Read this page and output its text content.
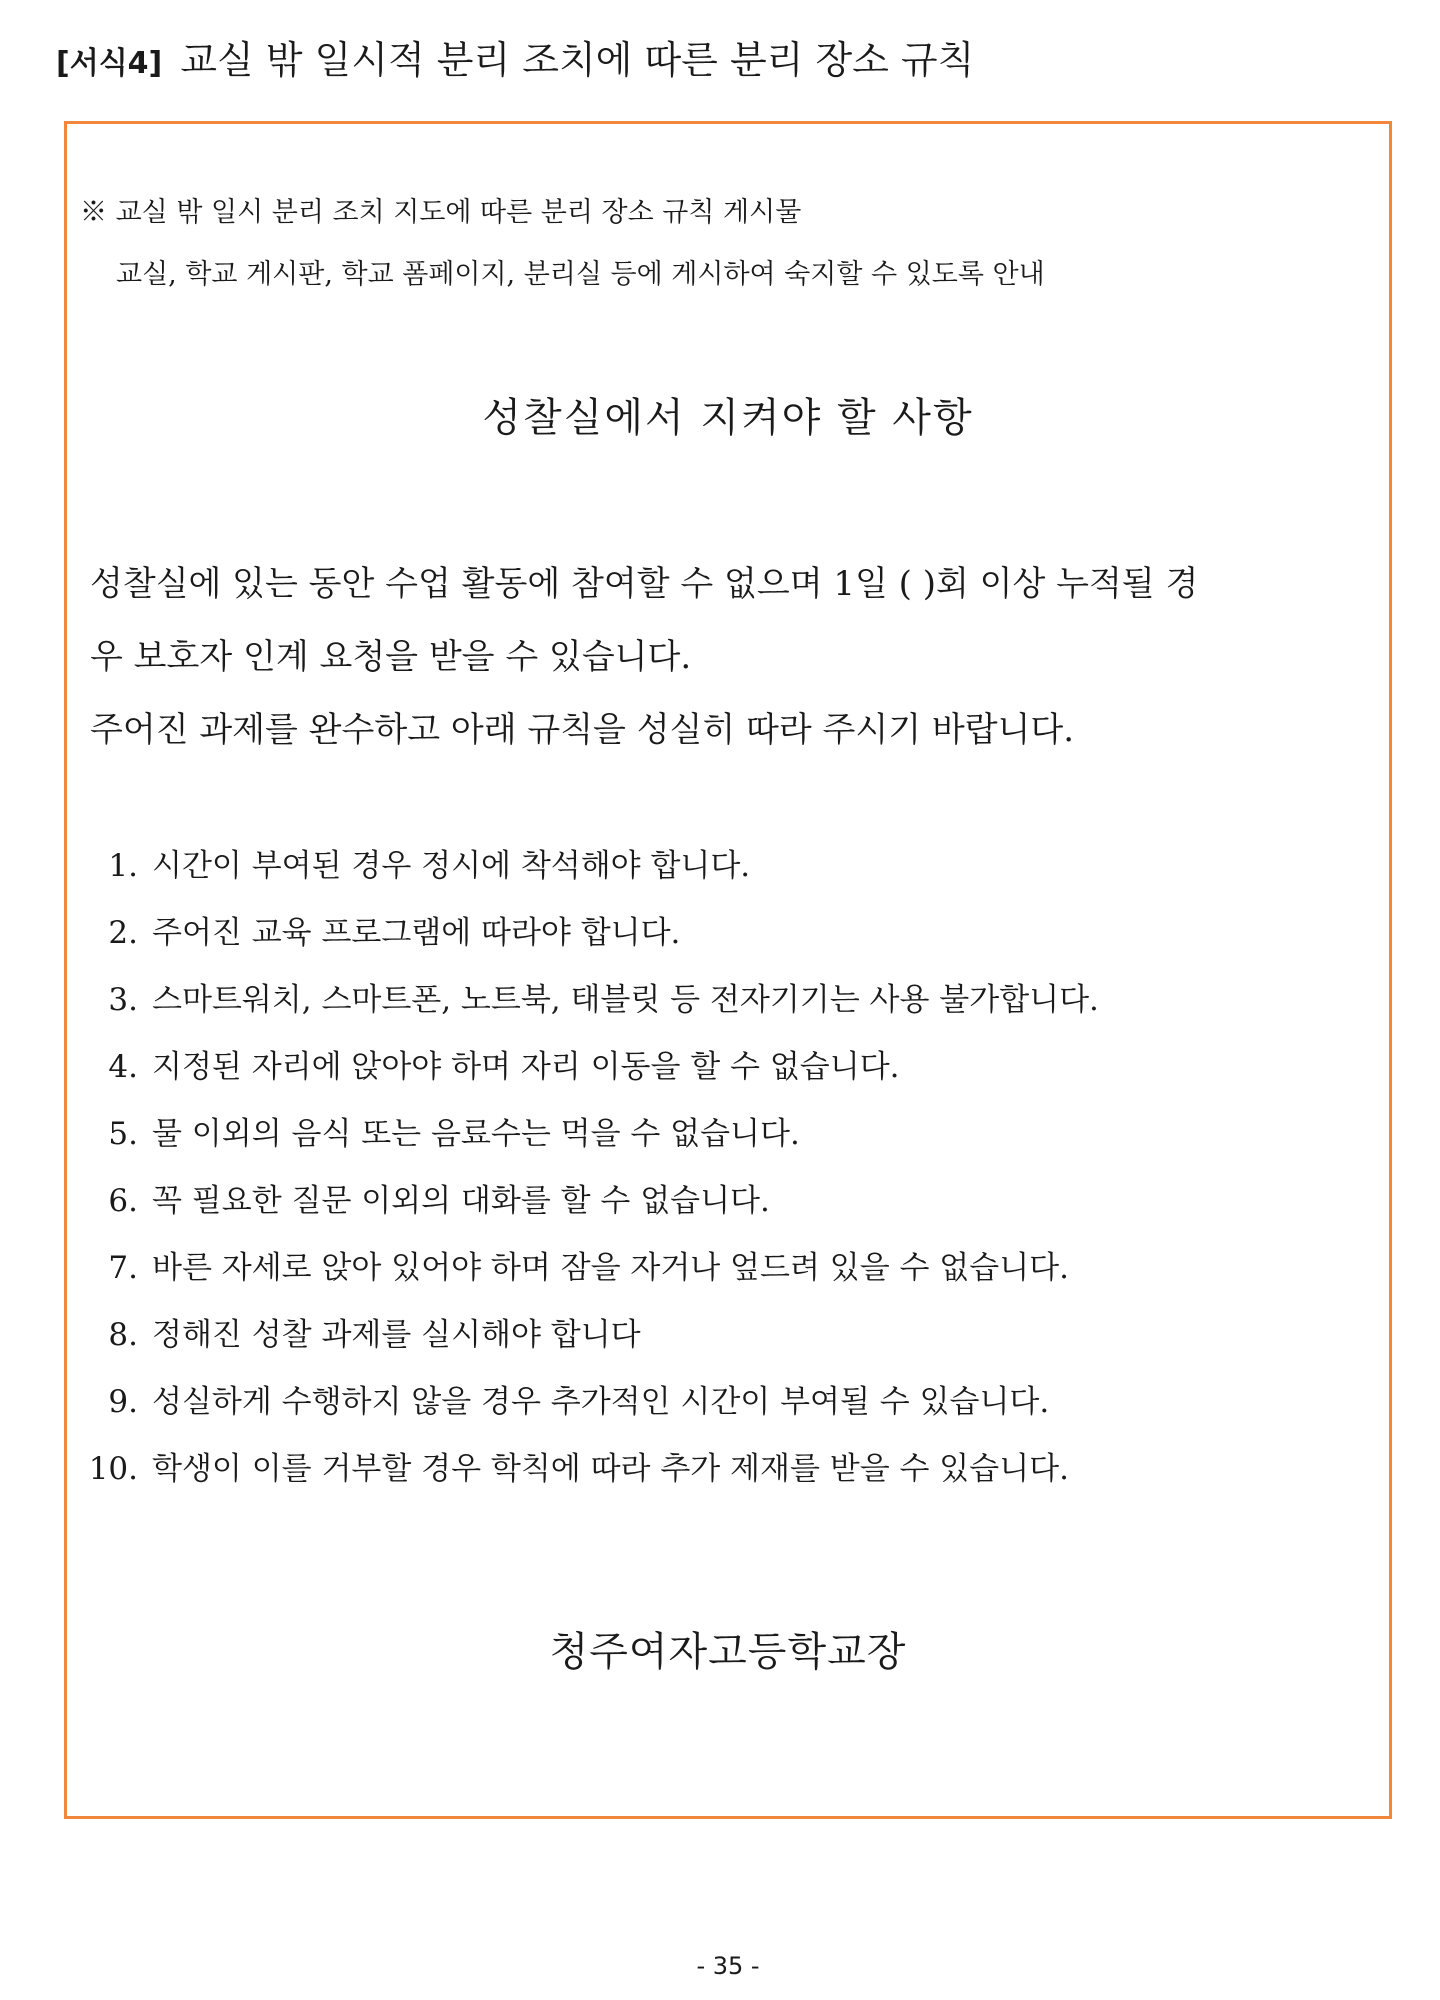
[서식4] 교실 밖 일시적 분리 조치에 따른 분리 장소 규칙
※ 교실 밖 일시 분리 조치 지도에 따른 분리 장소 규칙 게시물
교실, 학교 게시판, 학교 폼페이지, 분리실 등에 게시하여 숙지할 수 있도록 안내
성찰실에서 지켜야 할 사항

성찰실에 있는 동안 수업 활동에 참여할 수 없으며 1일 ( )회 이상 누적될 경

우 보호자 인계 요청을 받을 수 있습니다.

주어진 과제를 완수하고 아래 규칙을 성실히 따라 주시기 바랍니다.

1. 시간이 부여된 경우 정시에 착석해야 합니다.
2. 주어진 교육 프로그램에 따라야 합니다.
3. 스마트워치, 스마트폰, 노트북, 태블릿 등 전자기기는 사용 불가합니다.
4. 지정된 자리에 앉아야 하며 자리 이동을 할 수 없습니다.
5. 물 이외의 음식 또는 음료수는 먹을 수 없습니다.
6. 꼭 필요한 질문 이외의 대화를 할 수 없습니다.
7. 바른 자세로 앉아 있어야 하며 잠을 자거나 엎드려 있을 수 없습니다.
8. 정해진 성찰 과제를 실시해야 합니다
9. 성실하게 수행하지 않을 경우 추가적인 시간이 부여될 수 있습니다.
10. 학생이 이를 거부할 경우 학칙에 따라 추가 제재를 받을 수 있습니다.
청주여자고등학교장
- 35 -
